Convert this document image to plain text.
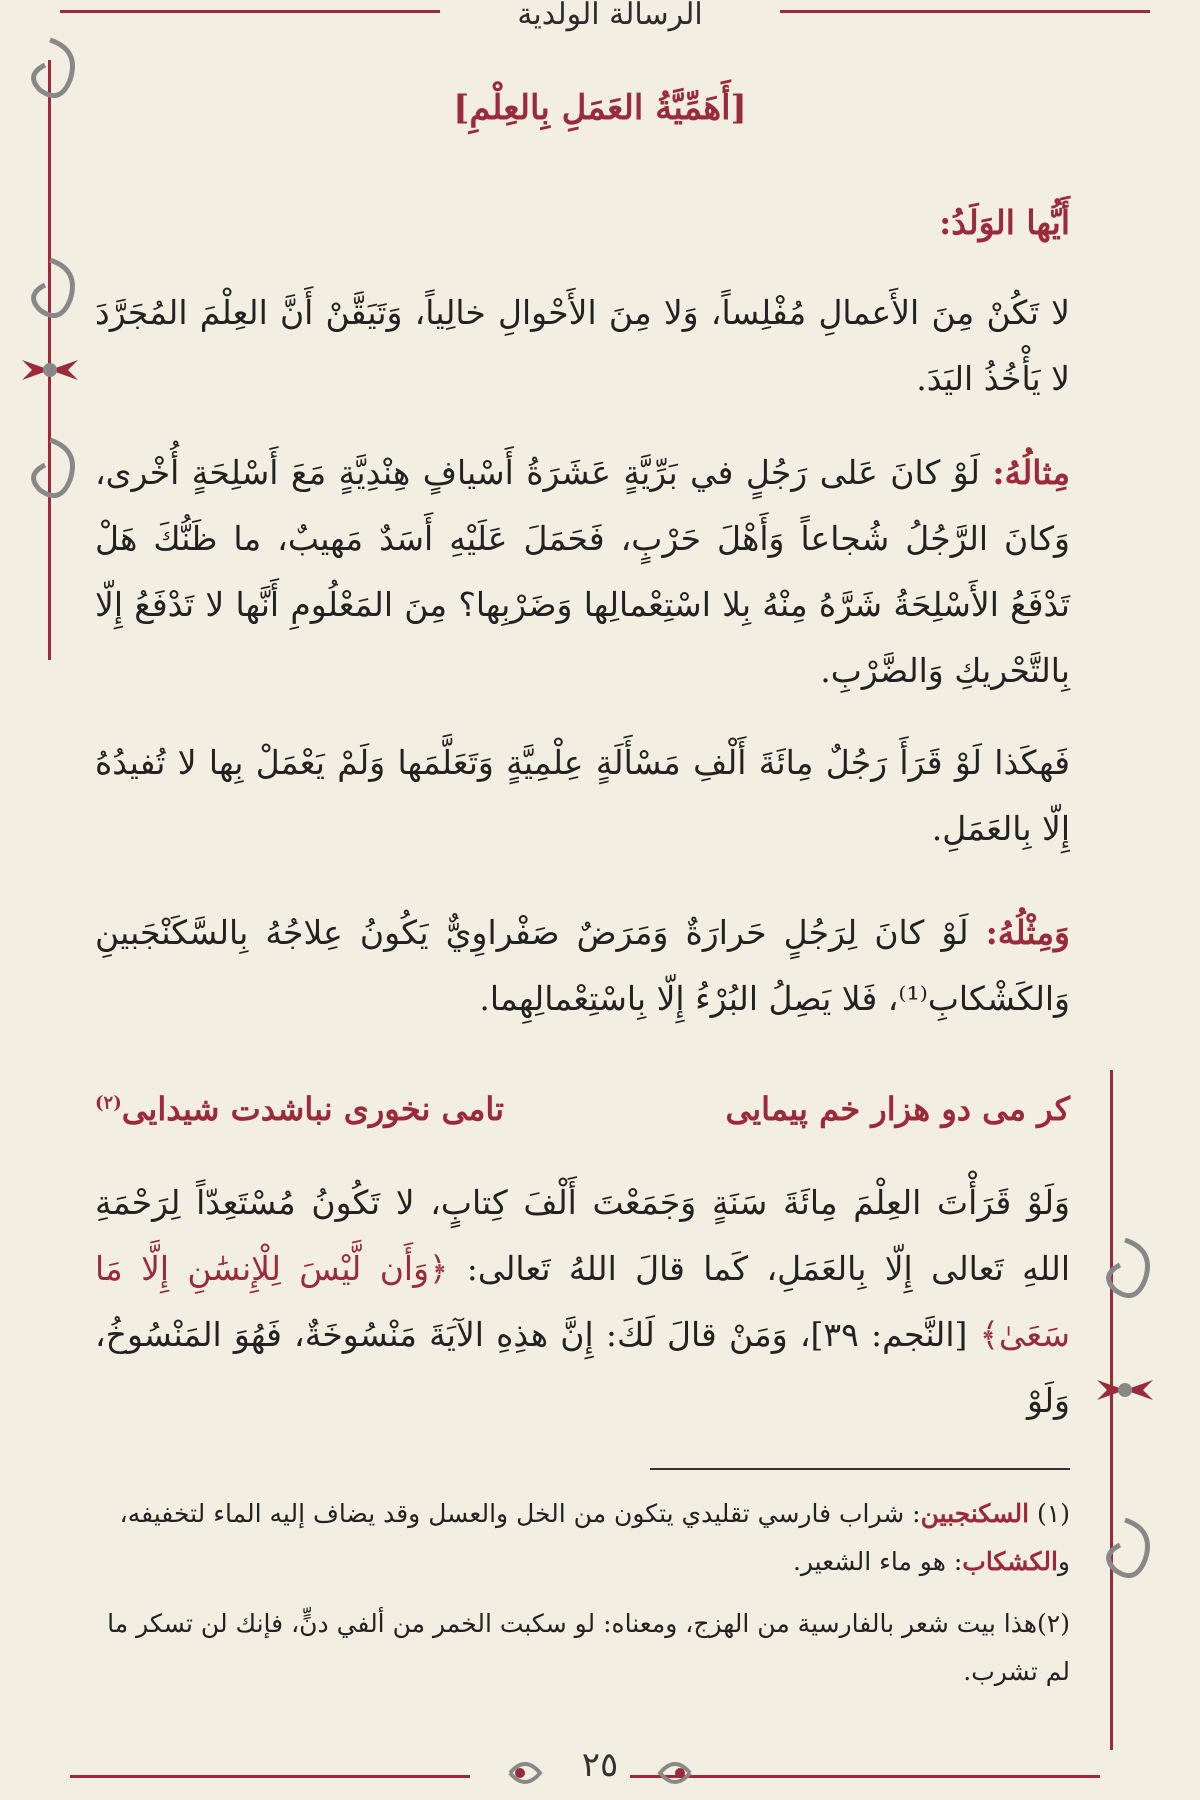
الرسالة الولدية
[أَهَمِّيَّةُ العَمَلِ بِالعِلْمِ]
أَيُّها الوَلَدُ:
لا تَكُنْ مِنَ الأَعمالِ مُفْلِساً، وَلا مِنَ الأَحْوالِ خالِياً، وَتَيَقَّنْ أَنَّ العِلْمَ المُجَرَّدَ لا يَأْخُذُ اليَدَ.
مِثالُهُ: لَوْ كانَ عَلى رَجُلٍ في بَرِّيَّةٍ عَشَرَةُ أَسْيافٍ هِنْدِيَّةٍ مَعَ أَسْلِحَةٍ أُخْرى، وَكانَ الرَّجُلُ شُجاعاً وَأَهْلَ حَرْبٍ، فَحَمَلَ عَلَيْهِ أَسَدٌ مَهيبٌ، ما ظَنُّكَ هَلْ تَدْفَعُ الأَسْلِحَةُ شَرَّهُ مِنْهُ بِلا اسْتِعْمالِها وَضَرْبِها؟ مِنَ المَعْلُومِ أَنَّها لا تَدْفَعُ إِلّا بِالتَّحْريكِ وَالضَّرْبِ.
فَهكَذا لَوْ قَرَأَ رَجُلٌ مِائَةَ أَلْفِ مَسْأَلَةٍ عِلْمِيَّةٍ وَتَعَلَّمَها وَلَمْ يَعْمَلْ بِها لا تُفيدُهُ إِلّا بِالعَمَلِ.
وَمِثْلُهُ: لَوْ كانَ لِرَجُلٍ حَرارَةٌ وَمَرَضٌ صَفْراوِيٌّ يَكُونُ عِلاجُهُ بِالسَّكَنْجَبينِ وَالكَشْكابِ⁽¹⁾، فَلا يَصِلُ البُرْءُ إِلّا بِاسْتِعْمالِهِما.
كر مى دو هزار خم پيمايى
تامى نخورى نباشدت شيدايى$^{(٢)}$
وَلَوْ قَرَأْتَ العِلْمَ مِائَةَ سَنَةٍ وَجَمَعْتَ أَلْفَ كِتابٍ، لا تَكُونُ مُسْتَعِدّاً لِرَحْمَةِ اللهِ تَعالى إِلّا بِالعَمَلِ، كَما قالَ اللهُ تَعالى: ﴿وَأَن لَّيْسَ لِلْإِنسَٰنِ إِلَّا مَا سَعَىٰ﴾ [النَّجم: ٣٩]، وَمَنْ قالَ لَكَ: إِنَّ هذِهِ الآيَةَ مَنْسُوخَةٌ، فَهُوَ المَنْسُوخُ، وَلَوْ
(١) السكنجبين: شراب فارسي تقليدي يتكون من الخل والعسل وقد يضاف إليه الماء لتخفيفه، والكشكاب: هو ماء الشعير.
(٢)هذا بيت شعر بالفارسية من الهزج، ومعناه: لو سكبت الخمر من ألفي دنٍّ، فإنك لن تسكر ما لم تشرب.
٢٥
